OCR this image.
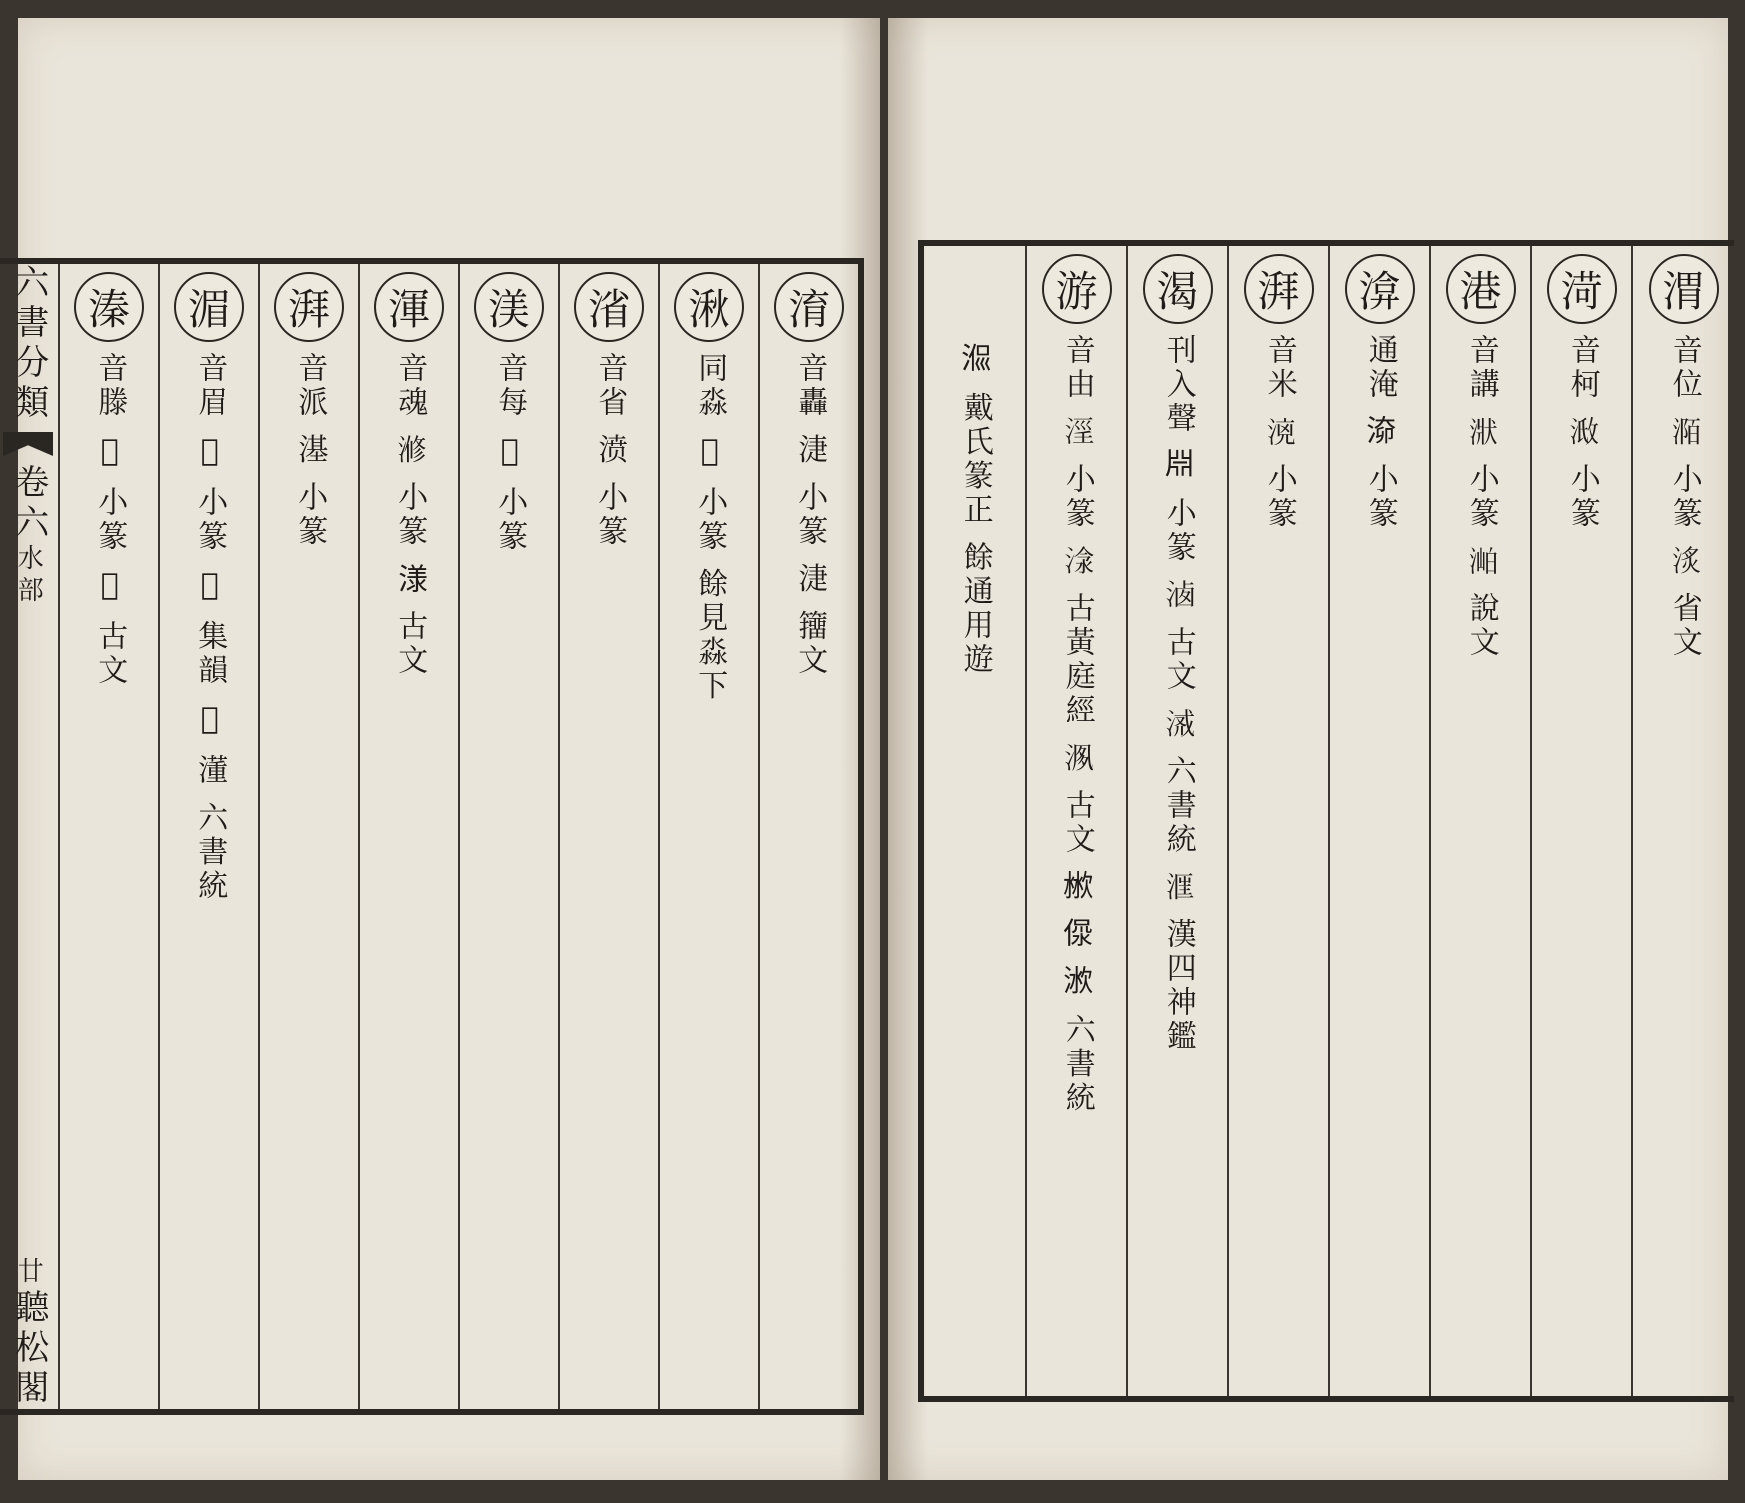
六書分類
卷六
水部
廿
聽松閣
淯
音轟 𣶏 小篆 𣶏 籒文
湫
同淼 𣷷 小篆 餘見淼下
渻
音省 𣸣 小篆
渼
音每 𣹣 小篆
渾
音魂 𣺫 小篆 𣻌 古文
湃
音派 𣻺 小篆
湄
音眉 𣾐 小篆 𣾑 集韻 𣿄 𣿅 六書統
溱
音滕 𤀚 小篆 𤁁 古文
渭
音位 𣶊 小篆 𣶋 省文
渮
音柯 𣶌 小篆
港
音講 𣶍 小篆 𣶎 說文
渰
通淹 𣶐 小篆
湃
音米 𣶑 小篆
渴
刊入聲 𣶒 小篆 𣶓 古文 𣶔 六書統 𣶕 漢四神鑑
游
音由 𣶖 小篆 𣶗 古黃庭經 𣶘 古文 𣶙 𣶚 𣶛 六書統
𣶜 戴氏篆正 餘通用遊
